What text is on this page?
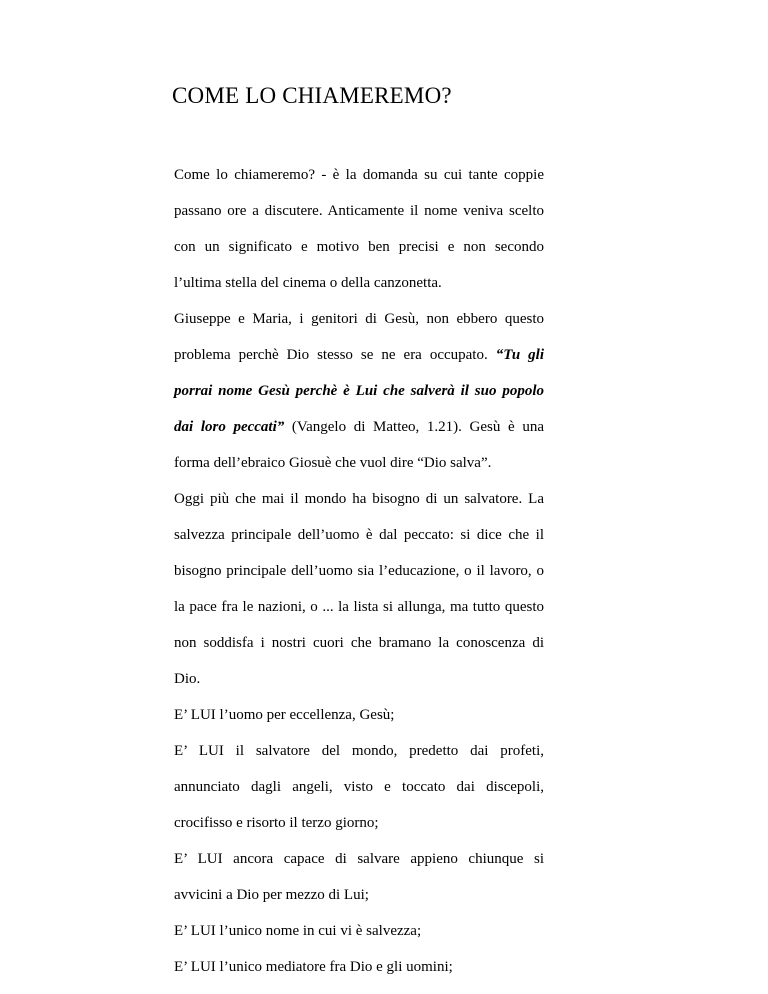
COME LO CHIAMEREMO?
Come lo chiameremo? - è la domanda su cui tante coppie
passano ore a discutere. Anticamente il nome veniva scelto
con un significato e motivo ben precisi e non secondo
l’ultima stella del cinema o della canzonetta.
Giuseppe e Maria, i genitori di Gesù, non ebbero questo
problema perchè Dio stesso se ne era occupato. “Tu gli
porrai nome Gesù perchè è Lui che salverà il suo popolo
dai loro peccati” (Vangelo di Matteo, 1.21). Gesù è una
forma dell’ebraico Giosuè che vuol dire “Dio salva”.
Oggi più che mai il mondo ha bisogno di un salvatore. La
salvezza principale dell’uomo è dal peccato: si dice che il
bisogno principale dell’uomo sia l’educazione, o il lavoro, o
la pace fra le nazioni, o ... la lista si allunga, ma tutto questo
non soddisfa i nostri cuori che bramano la conoscenza di
Dio.
E’ LUI l’uomo per eccellenza, Gesù;
E’ LUI il salvatore del mondo, predetto dai profeti,
annunciato dagli angeli, visto e toccato dai discepoli,
crocifisso e risorto il terzo giorno;
E’ LUI ancora capace di salvare appieno chiunque si
avvicini a Dio per mezzo di Lui;
E’ LUI l’unico nome in cui vi è salvezza;
E’ LUI l’unico mediatore fra Dio e gli uomini;
